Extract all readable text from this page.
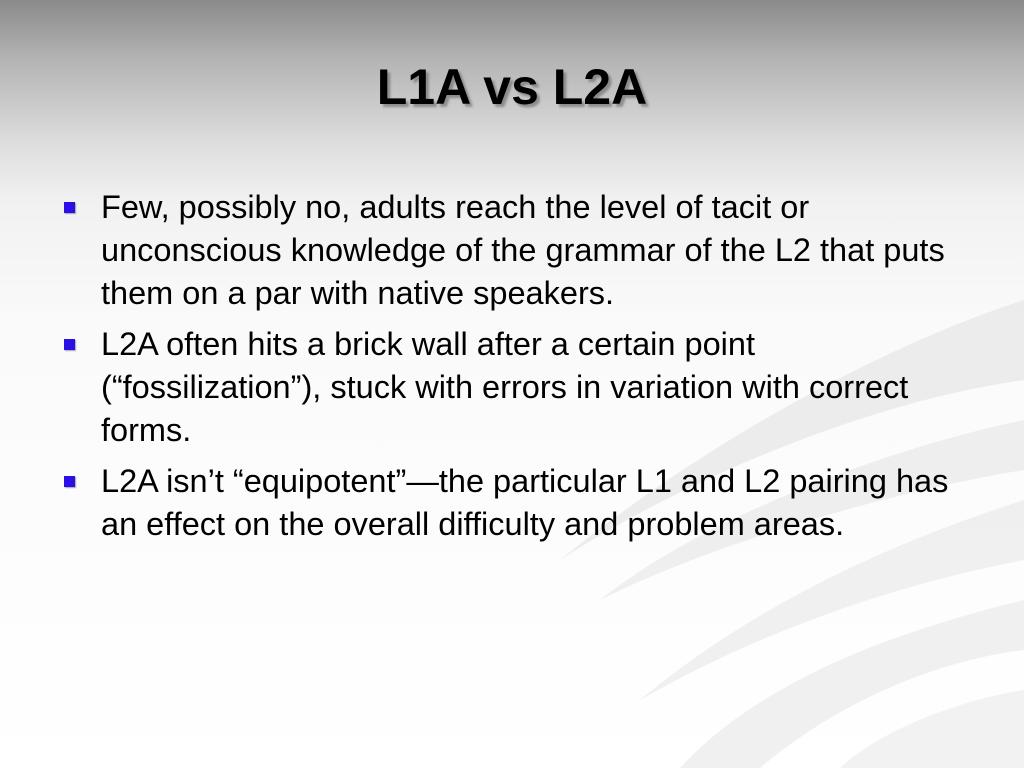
L1A vs L2A
Few, possibly no, adults reach the level of tacit or unconscious knowledge of the grammar of the L2 that puts them on a par with native speakers.
L2A often hits a brick wall after a certain point (“fossilization”), stuck with errors in variation with correct forms.
L2A isn’t “equipotent”—the particular L1 and L2 pairing has an effect on the overall difficulty and problem areas.
